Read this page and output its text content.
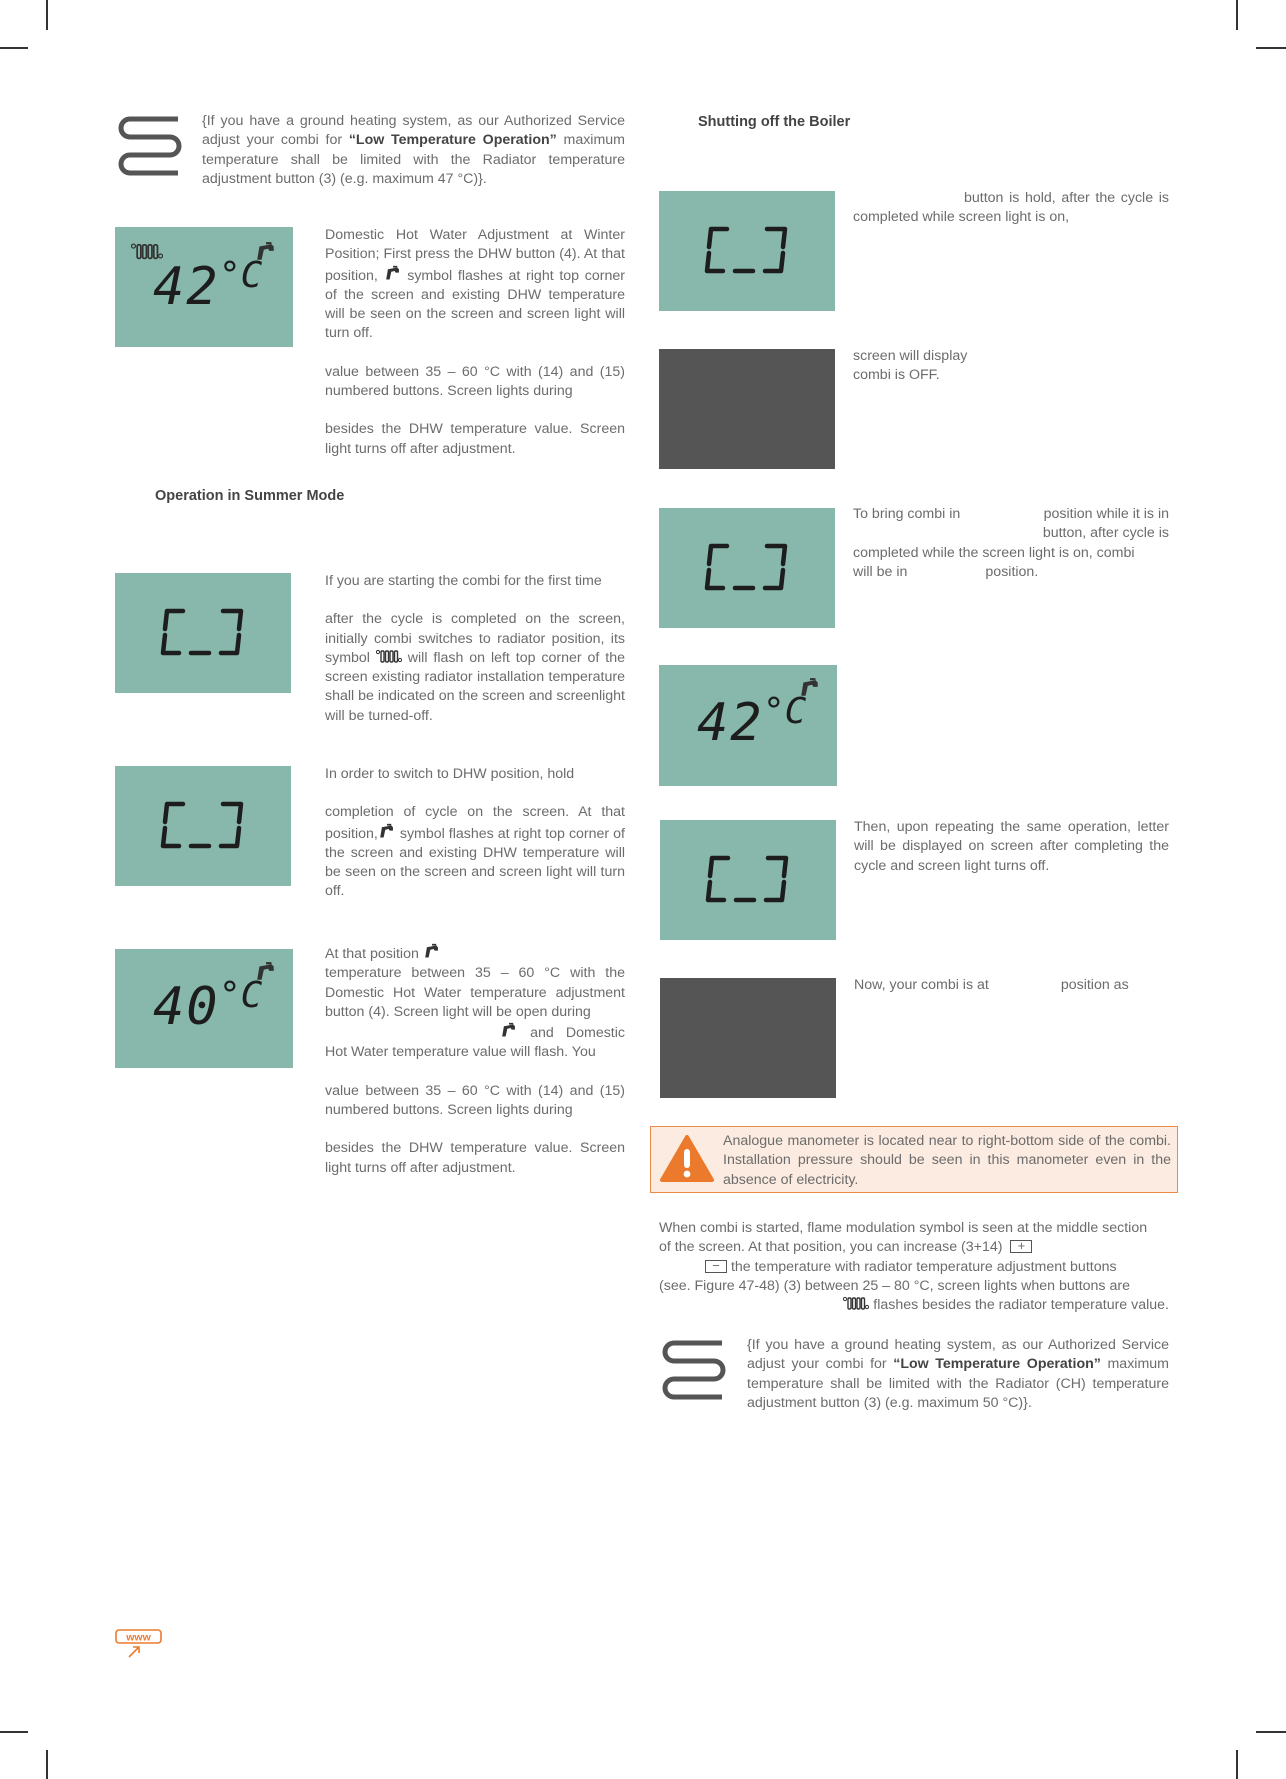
{If you have a ground heating system, as our Authorized Service adjust your combi for “Low Temperature Operation” maximum temperature shall be limited with the Radiator temperature adjustment button (3) (e.g. maximum 47 °C)}.
42 °C

Domestic Hot Water Adjustment at Winter Position; First press the DHW button (4). At that position,  symbol flashes at right top corner of the screen and existing DHW temperature will be seen on the screen and screen light will turn off.

value between 35 – 60 °C with (14) and (15) numbered buttons. Screen lights during

besides the DHW temperature value. Screen light turns off after adjustment.

Operation in Summer Mode

If you are starting the combi for the first time

after the cycle is completed on the screen, initially combi switches to radiator position, its symbol  will flash on left top corner of the screen existing radiator installation temperature shall be indicated on the screen and screenlight will be turned-off.

In order to switch to DHW position, hold

completion of cycle on the screen. At that position, symbol flashes at right top corner of the screen and existing DHW temperature will be seen on the screen and screen light will turn off.

40 °C

At that position
temperature between 35 – 60 °C with the Domestic Hot Water temperature adjustment button (4). Screen light will be open during
and Domestic Hot Water temperature value will flash. You

value between 35 – 60 °C with (14) and (15) numbered buttons. Screen lights during

besides the DHW temperature value. Screen light turns off after adjustment.

www
Shutting off the Boiler
button is hold, after the cycle is completed while screen light is on,
screen will display
combi is OFF.
To bring combi in	position while it is in
button, after cycle is
completed while the screen light is on, combi
will be in	position.
42 °C
Then, upon repeating the same operation, letter will be displayed on screen after completing the cycle and screen light turns off.
Now, your combi is at	position as
Analogue manometer is located near to right-bottom side of the combi. Installation pressure should be seen in this manometer even in the absence of electricity.
When combi is started, flame modulation symbol is seen at the middle section
of the screen. At that position, you can increase (3+14) +
− the temperature with radiator temperature adjustment buttons
(see. Figure 47-48) (3) between 25 – 80 °C, screen lights when buttons are
flashes besides the radiator temperature value.
{If you have a ground heating system, as our Authorized Service adjust your combi for “Low Temperature Operation” maximum temperature shall be limited with the Radiator (CH) temperature adjustment button (3) (e.g. maximum 50 °C)}.
